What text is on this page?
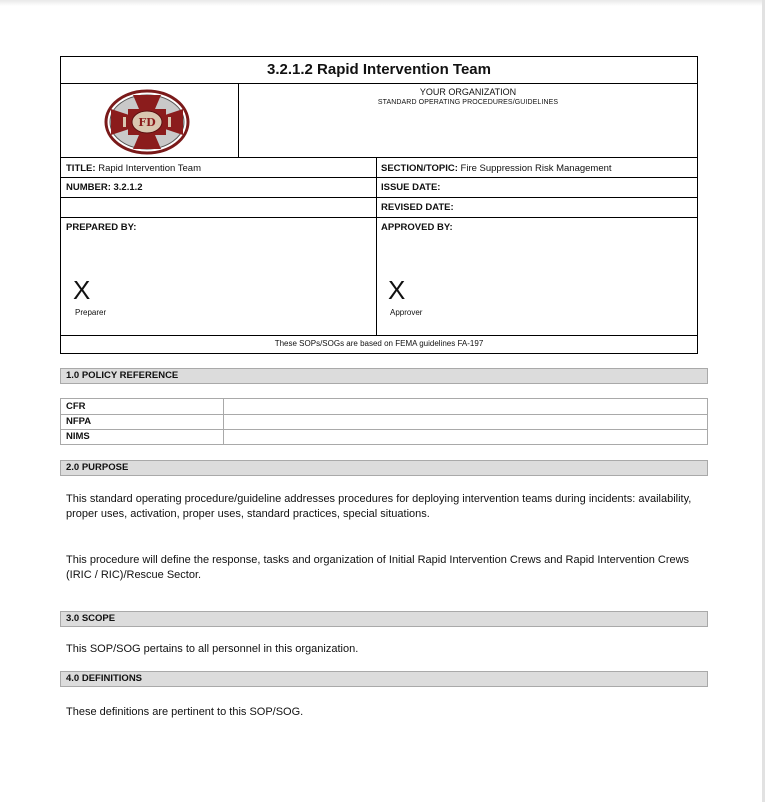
3.2.1.2 Rapid Intervention Team
FD
YOUR ORGANIZATION
STANDARD OPERATING PROCEDURES/GUIDELINES
TITLE: Rapid Intervention Team	SECTION/TOPIC: Fire Suppression Risk Management
NUMBER: 3.2.1.2	ISSUE DATE:
REVISED DATE:
PREPARED BY:
X
Preparer
APPROVED BY:
X
Approver
These SOPs/SOGs are based on FEMA guidelines FA-197
1.0 POLICY REFERENCE
CFR
NFPA
NIMS
2.0 PURPOSE
This standard operating procedure/guideline addresses procedures for deploying intervention teams during incidents: availability, proper uses, activation, proper uses, standard practices, special situations.
This procedure will define the response, tasks and organization of Initial Rapid Intervention Crews and Rapid Intervention Crews (IRIC / RIC)/Rescue Sector.
3.0 SCOPE
This SOP/SOG pertains to all personnel in this organization.
4.0 DEFINITIONS
These definitions are pertinent to this SOP/SOG.
